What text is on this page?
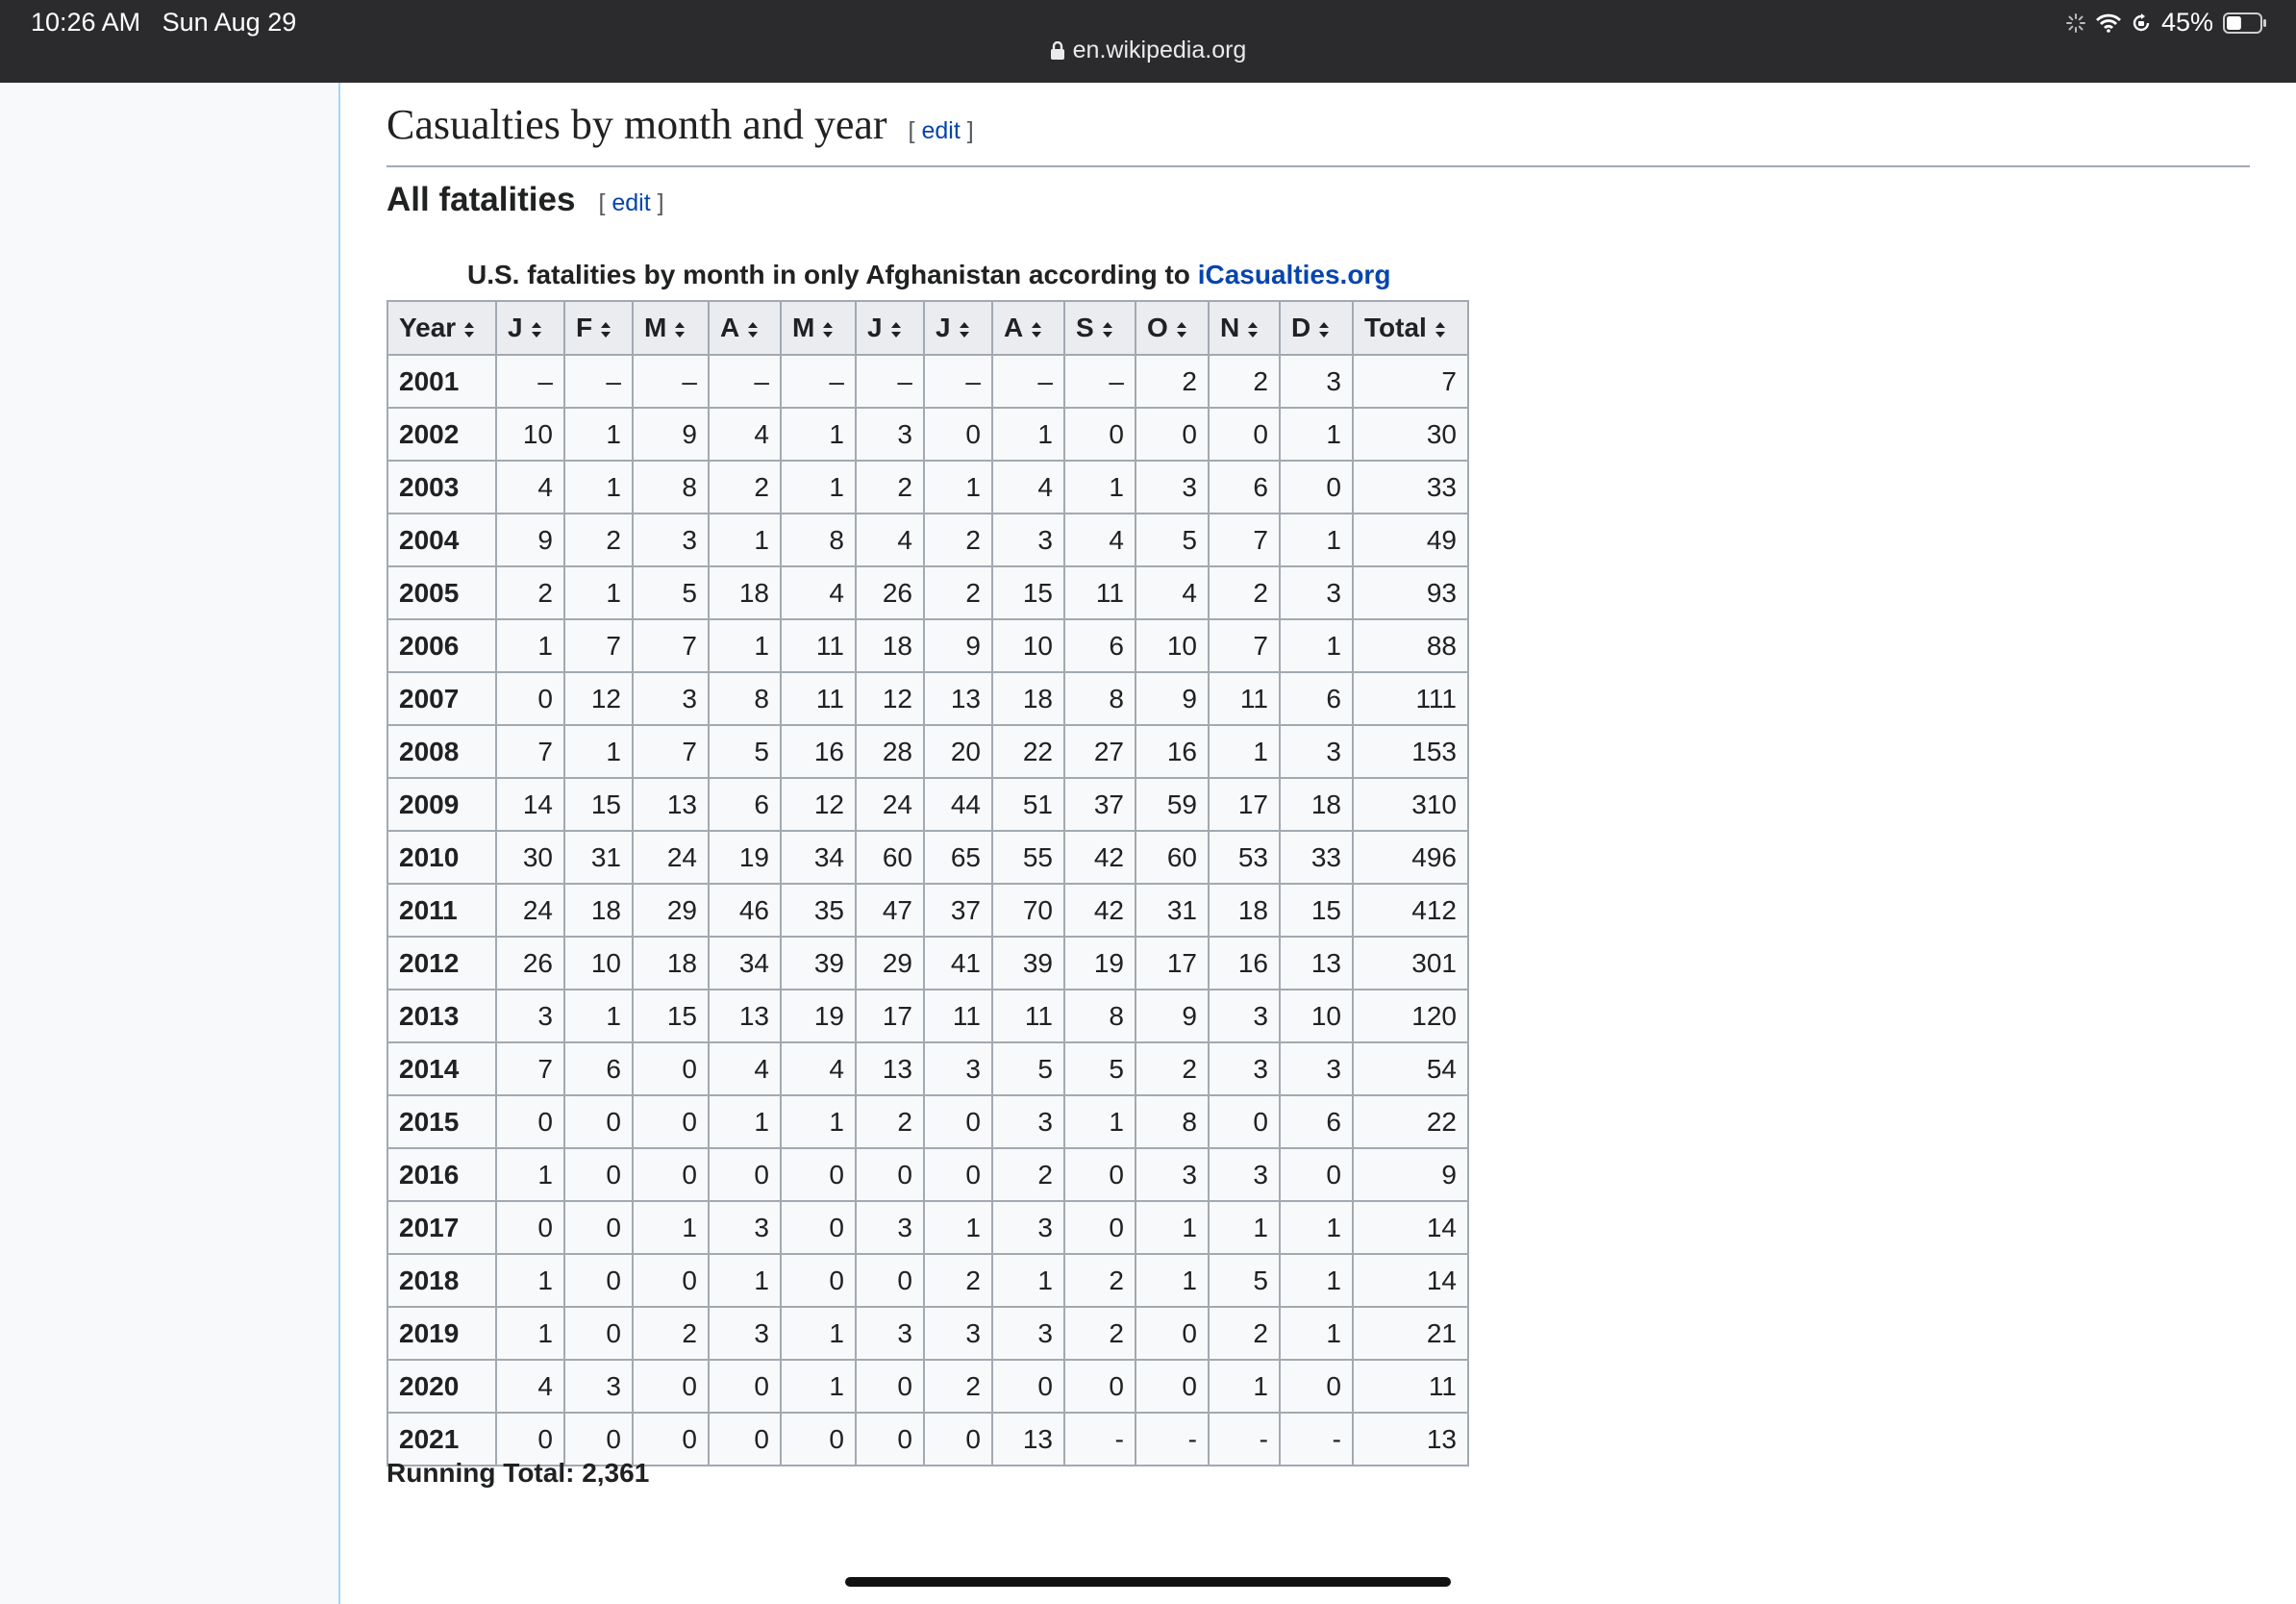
10:26 AM Sun Aug 29
en.wikipedia.org
45%
Casualties by month and year [ edit ]
All fatalities [ edit ]
U.S. fatalities by month in only Afghanistan according to iCasualties.org
Year	J	F	M	A	M	J	J	A	S	O	N	D	Total
2001	–	–	–	–	–	–	–	–	–	2	2	3	7
2002	10	1	9	4	1	3	0	1	0	0	0	1	30
2003	4	1	8	2	1	2	1	4	1	3	6	0	33
2004	9	2	3	1	8	4	2	3	4	5	7	1	49
2005	2	1	5	18	4	26	2	15	11	4	2	3	93
2006	1	7	7	1	11	18	9	10	6	10	7	1	88
2007	0	12	3	8	11	12	13	18	8	9	11	6	111
2008	7	1	7	5	16	28	20	22	27	16	1	3	153
2009	14	15	13	6	12	24	44	51	37	59	17	18	310
2010	30	31	24	19	34	60	65	55	42	60	53	33	496
2011	24	18	29	46	35	47	37	70	42	31	18	15	412
2012	26	10	18	34	39	29	41	39	19	17	16	13	301
2013	3	1	15	13	19	17	11	11	8	9	3	10	120
2014	7	6	0	4	4	13	3	5	5	2	3	3	54
2015	0	0	0	1	1	2	0	3	1	8	0	6	22
2016	1	0	0	0	0	0	0	2	0	3	3	0	9
2017	0	0	1	3	0	3	1	3	0	1	1	1	14
2018	1	0	0	1	0	0	2	1	2	1	5	1	14
2019	1	0	2	3	1	3	3	3	2	0	2	1	21
2020	4	3	0	0	1	0	2	0	0	0	1	0	11
2021	0	0	0	0	0	0	0	13	-	-	-	-	13
Running Total: 2,361
